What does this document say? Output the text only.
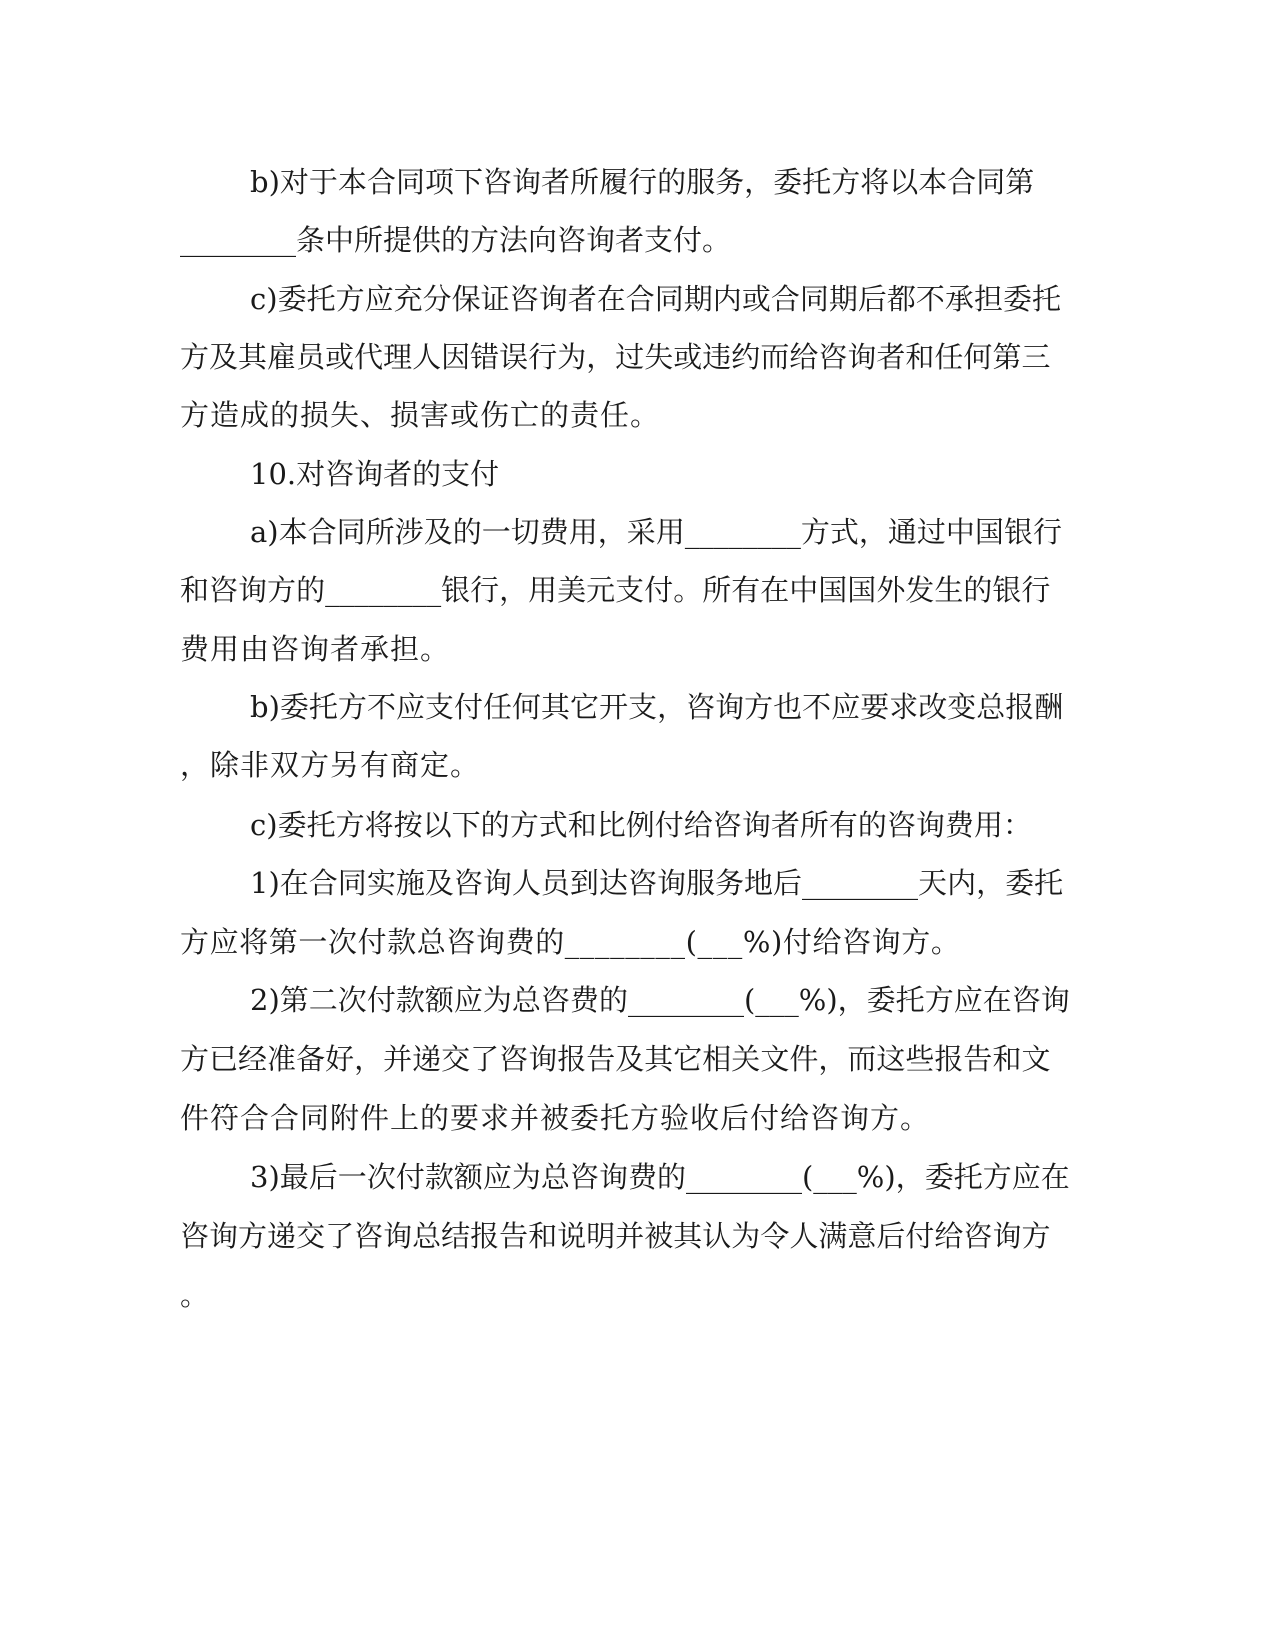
b) 对 于 本 合 同 项 下 咨 询 者 所 履 行 的 服 务 ， 委 托 方 将 以 本 合 同 第
________条中所提供的方法向咨询者支付。
c) 委 托 方 应 充 分 保 证 咨 询 者 在 合 同 期 内 或 合 同 期 后 都 不 承 担 委 托
方 及 其 雇 员 或 代 理 人 因 错 误 行 为 ， 过 失 或 违 约 而 给 咨 询 者 和 任 何 第 三
方造成的损失、损害或伤亡的责任。
10.对咨询者的支付
a) 本 合 同 所 涉 及 的 一 切 费 用 ， 采 用 ________ 方 式 ， 通 过 中 国 银 行
和 咨 询 方 的 ________ 银 行 ， 用 美 元 支 付 。 所 有 在 中 国 国 外 发 生 的 银 行
费用由咨询者承担。
b) 委 托 方 不 应 支 付 任 何 其 它 开 支 ， 咨 询 方 也 不 应 要 求 改 变 总 报 酬
，除非双方另有商定。
c) 委 托 方 将 按 以 下 的 方 式 和 比 例 付 给 咨 询 者 所 有 的 咨 询 费 用 ：
1) 在 合 同 实 施 及 咨 询 人 员 到 达 咨 询 服 务 地 后 ________ 天 内 ， 委 托
方应将第一次付款总咨询费的________(___%)付给咨询方。
2) 第 二 次 付 款 额 应 为 总 咨 费 的 ________(___%) ， 委 托 方 应 在 咨 询
方 已 经 准 备 好 ， 并 递 交 了 咨 询 报 告 及 其 它 相 关 文 件 ， 而 这 些 报 告 和 文
件符合合同附件上的要求并被委托方验收后付给咨询方。
3) 最 后 一 次 付 款 额 应 为 总 咨 询 费 的 ________(___%) ， 委 托 方 应 在
咨 询 方 递 交 了 咨 询 总 结 报 告 和 说 明 并 被 其 认 为 令 人 满 意 后 付 给 咨 询 方
。
